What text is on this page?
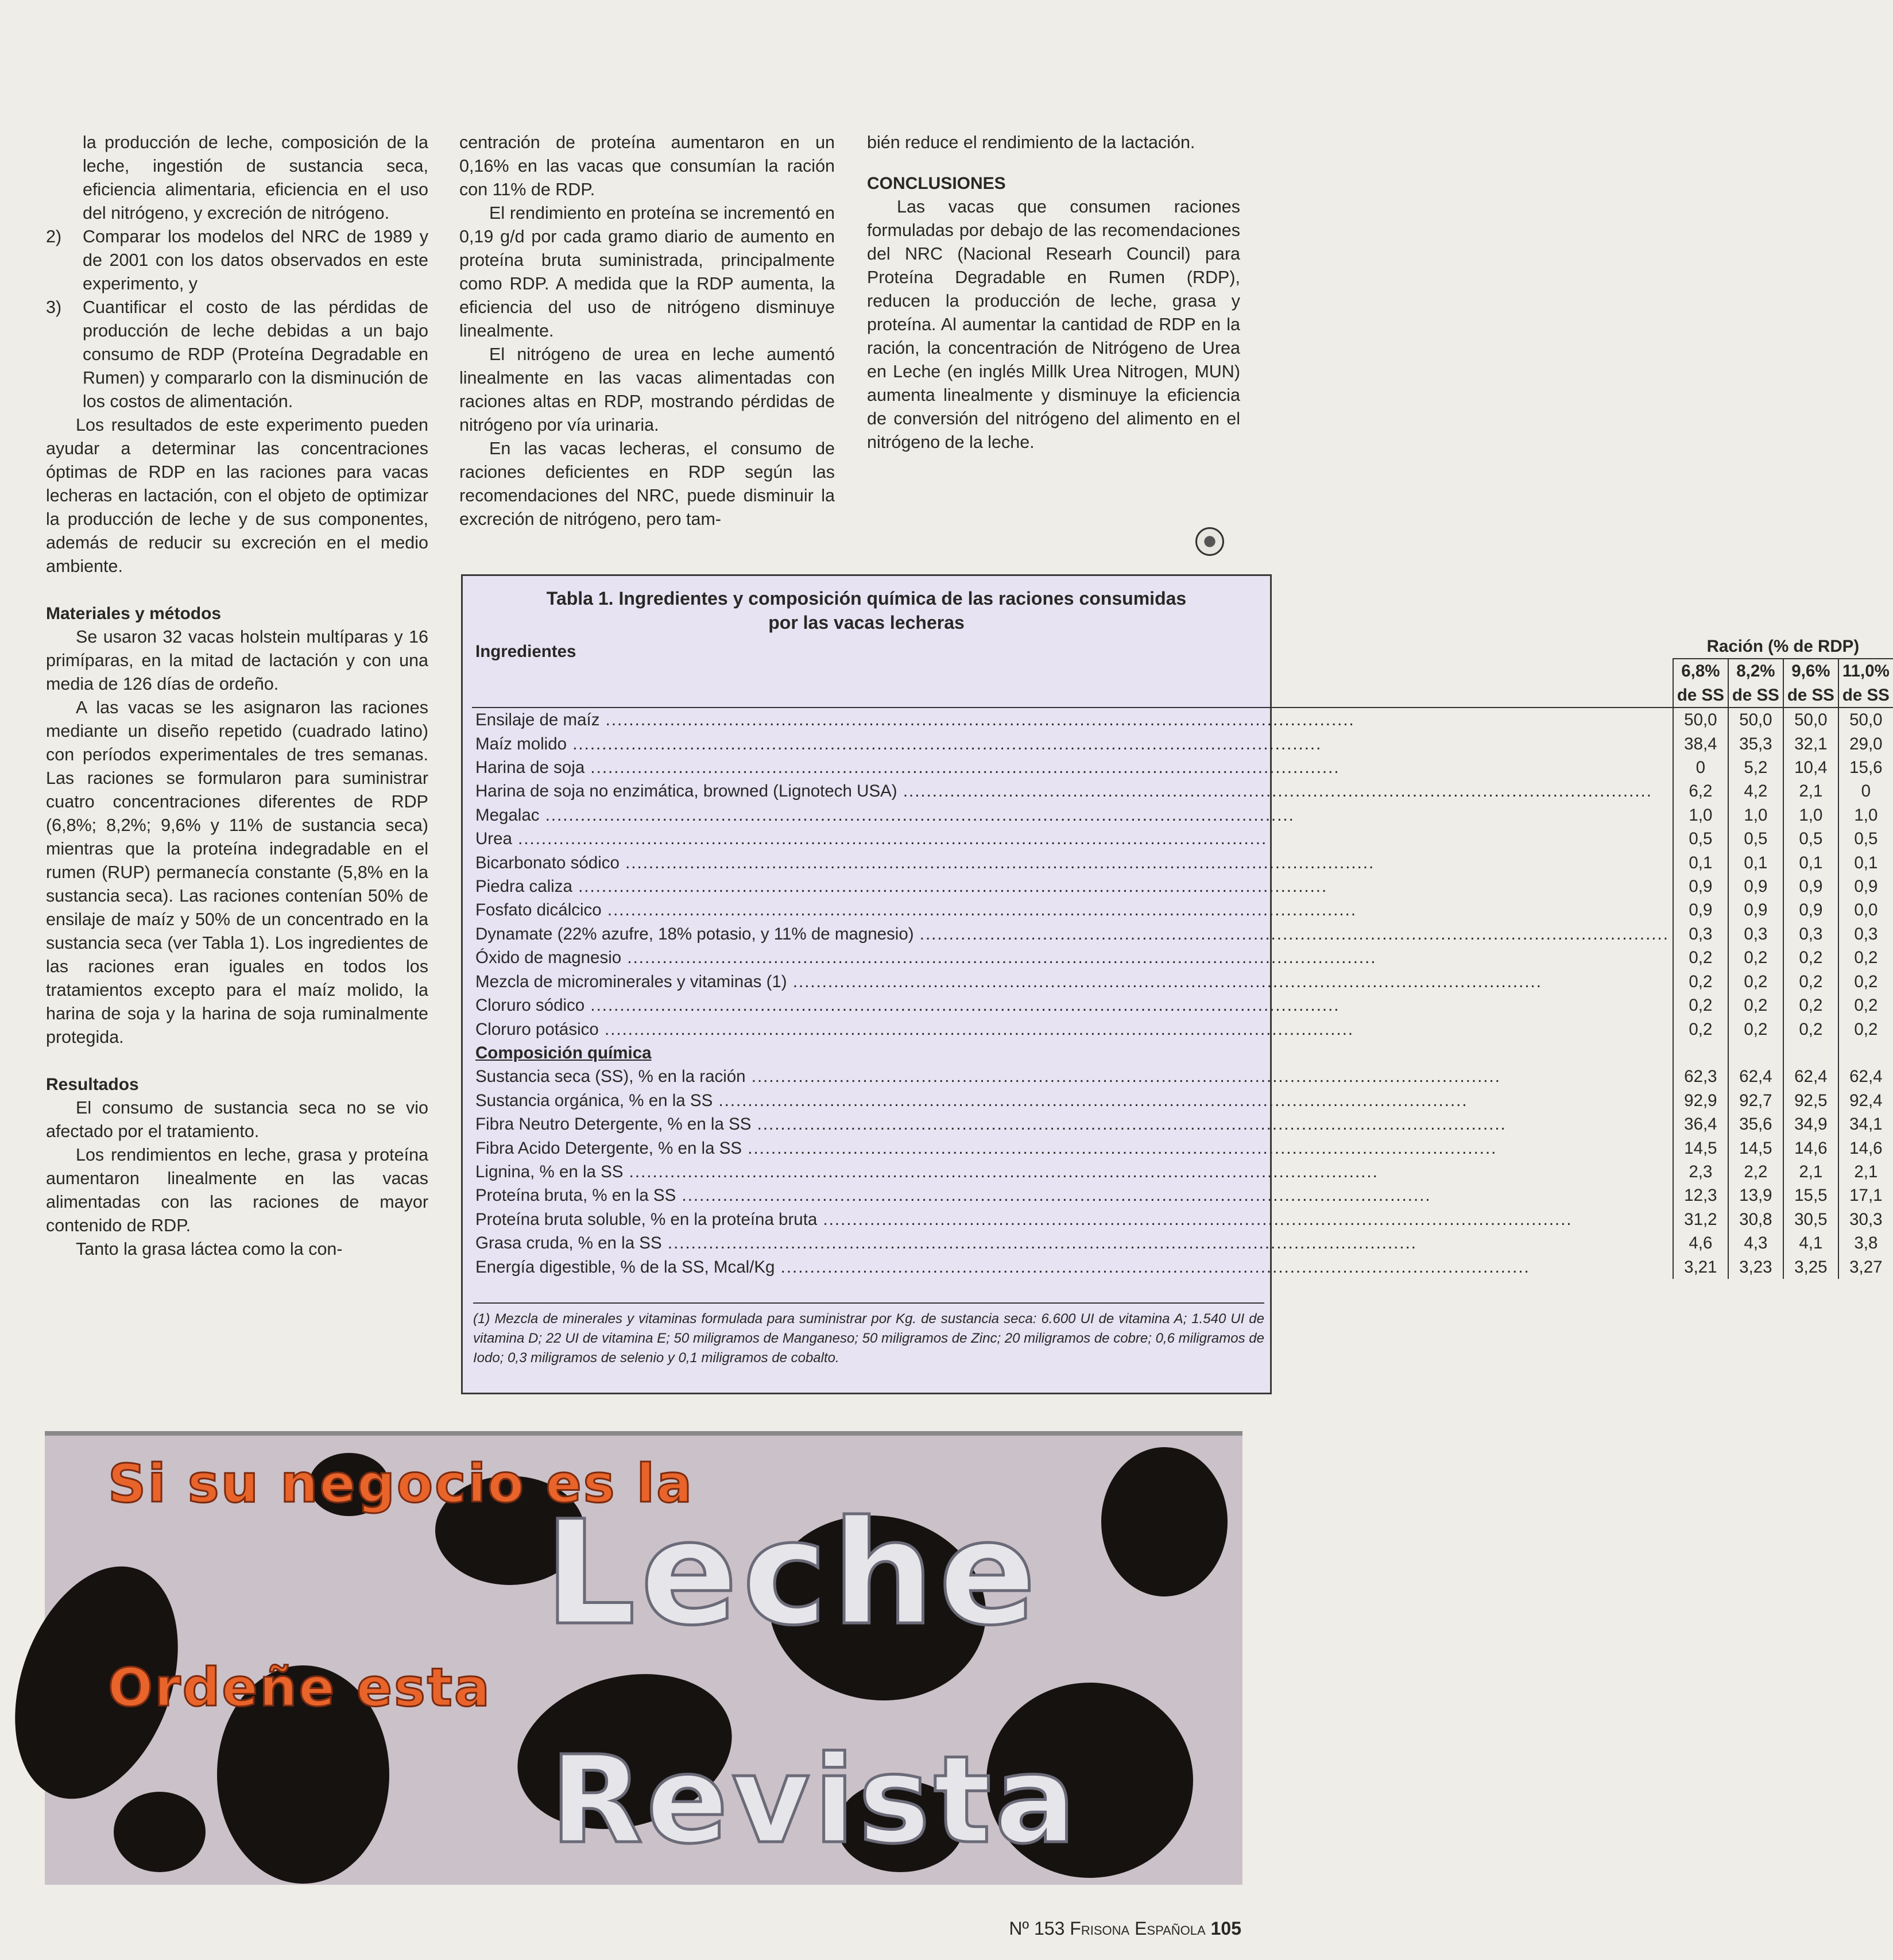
la producción de leche, composición de la leche, ingestión de sustancia seca, eficiencia alimentaria, eficiencia en el uso del nitrógeno, y excreción de nitrógeno.

2)	Comparar los modelos del NRC de 1989 y de 2001 con los datos observados en este experimento, y
3)	Cuantificar el costo de las pérdidas de producción de leche debidas a un bajo consumo de RDP (Proteína Degradable en Rumen) y compararlo con la disminución de los costos de alimentación.

Los resultados de este experimento pueden ayudar a determinar las concentraciones óptimas de RDP en las raciones para vacas lecheras en lactación, con el objeto de optimizar la producción de leche y de sus componentes, además de reducir su excreción en el medio ambiente.

Materiales y métodos

Se usaron 32 vacas holstein multíparas y 16 primíparas, en la mitad de lactación y con una media de 126 días de ordeño.

A las vacas se les asignaron las raciones mediante un diseño repetido (cuadrado latino) con períodos experimentales de tres semanas. Las raciones se formularon para suministrar cuatro concentraciones diferentes de RDP (6,8%; 8,2%; 9,6% y 11% de sustancia seca) mientras que la proteína indegradable en el rumen (RUP) permanecía constante (5,8% en la sustancia seca). Las raciones contenían 50% de ensilaje de maíz y 50% de un concentrado en la sustancia seca (ver Tabla 1). Los ingredientes de las raciones eran iguales en todos los tratamientos excepto para el maíz molido, la harina de soja y la harina de soja ruminalmente protegida.

Resultados

El consumo de sustancia seca no se vio afectado por el tratamiento.

Los rendimientos en leche, grasa y proteína aumentaron linealmente en las vacas alimentadas con las raciones de mayor contenido de RDP.

Tanto la grasa láctea como la con-

centración de proteína aumentaron en un 0,16% en las vacas que consumían la ración con 11% de RDP.

El rendimiento en proteína se incrementó en 0,19 g/d por cada gramo diario de aumento en proteína bruta suministrada, principalmente como RDP. A medida que la RDP aumenta, la eficiencia del uso de nitrógeno disminuye linealmente.

El nitrógeno de urea en leche aumentó linealmente en las vacas alimentadas con raciones altas en RDP, mostrando pérdidas de nitrógeno por vía urinaria.

En las vacas lecheras, el consumo de raciones deficientes en RDP según las recomendaciones del NRC, puede disminuir la excreción de nitrógeno, pero tam-

bién reduce el rendimiento de la lactación.

CONCLUSIONES

Las vacas que consumen raciones formuladas por debajo de las recomendaciones del NRC (Nacional Researh Council) para Proteína Degradable en Rumen (RDP), reducen la producción de leche, grasa y proteína. Al aumentar la cantidad de RDP en la ración, la concentración de Nitrógeno de Urea en Leche (en inglés Millk Urea Nitrogen, MUN) aumenta linealmente y disminuye la eficiencia de conversión del nitrógeno del alimento en el nitrógeno de la leche.

Tabla 1. Ingredientes y composición química de las raciones consumidas
por las vacas lecheras
Ingredientes	Ración (% de RDP)			
	6,8%	8,2%	9,6%	11,0%
	de SS	de SS	de SS	de SS
Ensilaje de maíz .....	50,0	50,0	50,0	50,0
Maíz molido .....	38,4	35,3	32,1	29,0
Harina de soja .....	0	5,2	10,4	15,6
Harina de soja no enzimática, browned (Lignotech USA) .....	6,2	4,2	2,1	0
Megalac .....	1,0	1,0	1,0	1,0
Urea .....	0,5	0,5	0,5	0,5
Bicarbonato sódico .....	0,1	0,1	0,1	0,1
Piedra caliza .....	0,9	0,9	0,9	0,9
Fosfato dicálcico .....	0,9	0,9	0,9	0,0
Dynamate (22% azufre, 18% potasio, y 11% de magnesio) .....	0,3	0,3	0,3	0,3
Óxido de magnesio .....	0,2	0,2	0,2	0,2
Mezcla de microminerales y vitaminas (1) .....	0,2	0,2	0,2	0,2
Cloruro sódico .....	0,2	0,2	0,2	0,2
Cloruro potásico .....	0,2	0,2	0,2	0,2
Composición química				
Sustancia seca (SS), % en la ración .....	62,3	62,4	62,4	62,4
Sustancia orgánica, % en la SS .....	92,9	92,7	92,5	92,4
Fibra Neutro Detergente, % en la SS .....	36,4	35,6	34,9	34,1
Fibra Acido Detergente, % en la SS .....	14,5	14,5	14,6	14,6
Lignina, % en la SS .....	2,3	2,2	2,1	2,1
Proteína bruta, % en la SS .....	12,3	13,9	15,5	17,1
Proteína bruta soluble, % en la proteína bruta .....	31,2	30,8	30,5	30,3
Grasa cruda, % en la SS .....	4,6	4,3	4,1	3,8
Energía digestible, % de la SS, Mcal/Kg .....	3,21	3,23	3,25	3,27
(1) Mezcla de minerales y vitaminas formulada para suministrar por Kg. de sustancia seca: 6.600 UI de vitamina A; 1.540 UI de vitamina D; 22 UI de vitamina E; 50 miligramos de Manganeso; 50 miligramos de Zinc; 20 miligramos de cobre; 0,6 miligramos de Iodo; 0,3 miligramos de selenio y 0,1 miligramos de cobalto.
Si su negocio es la
Leche
Ordeñe esta
Revista
Nº 153 Frisona Española 105
